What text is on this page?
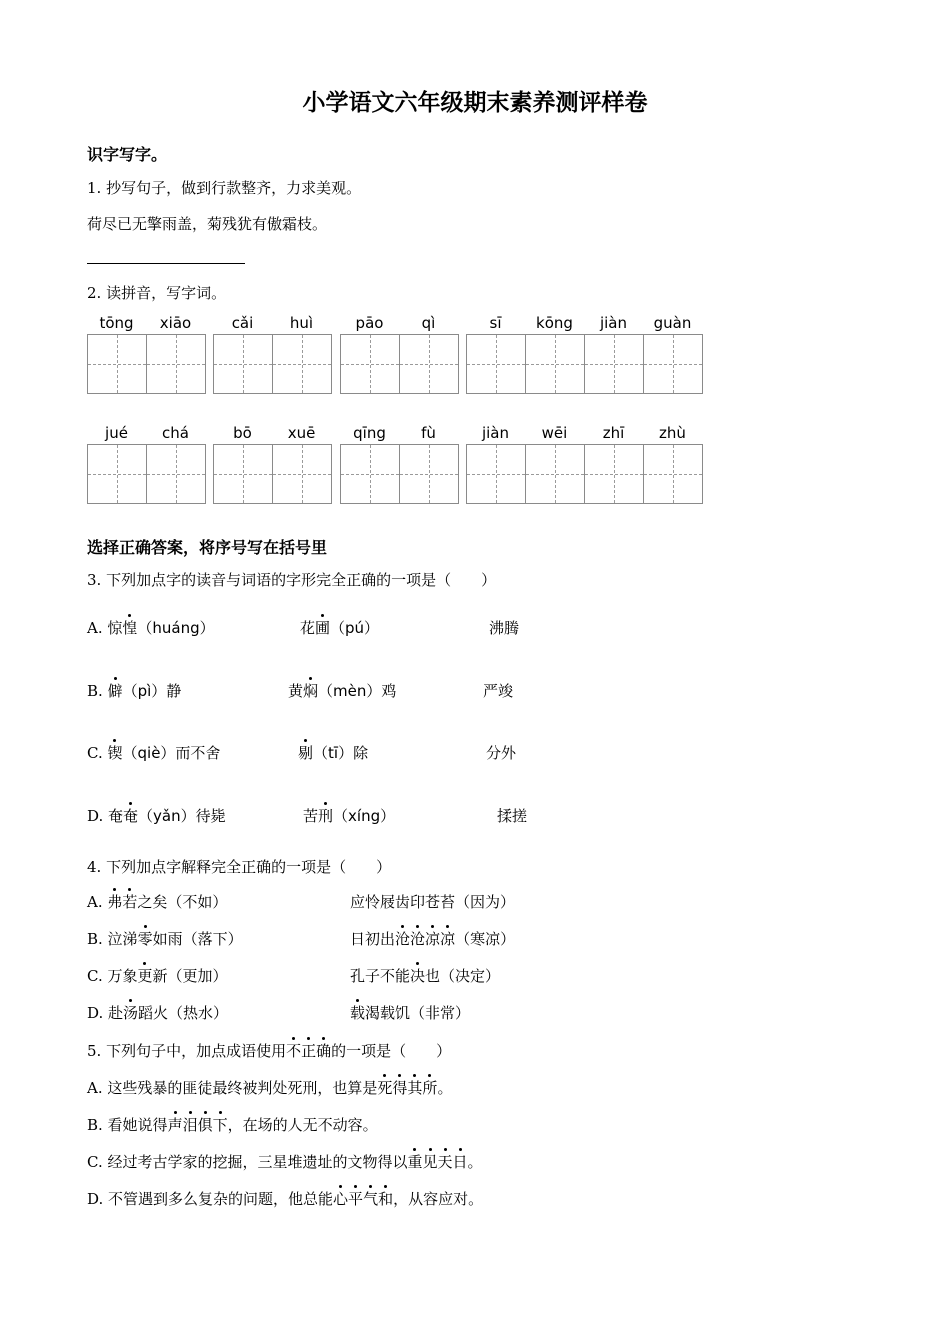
小学语文六年级期末素养测评样卷
识字写字。
1. 抄写句子，做到行款整齐，力求美观。
荷尽已无擎雨盖，菊残犹有傲霜枝。
2. 读拼音，写字词。
tōng	xiāo	cǎi	huì	pāo	qì	sī	kōng	jiàn	guàn
jué	chá	bō	xuē	qīng	fù	jiàn	wēi	zhī	zhù
选择正确答案，将序号写在括号里
3. 下列加点字的读音与词语的字形完全正确的一项是（　　）
A. 惊惶（huáng）	花圃（pú）	沸腾
B. 僻（pì）静	黄焖（mèn）鸡	严竣
C. 锲（qiè）而不舍	剔（tī）除	分外
D. 奄奄（yǎn）待毙	苦刑（xíng）	揉搓
4. 下列加点字解释完全正确的一项是（　　）
A. 弗若之矣（不如）	应怜屐齿印苍苔（因为）
B. 泣涕零如雨（落下）	日初出沧沧凉凉（寒凉）
C. 万象更新（更加）	孔子不能决也（决定）
D. 赴汤蹈火（热水）	载渴载饥（非常）
5. 下列句子中，加点成语使用不正确的一项是（　　）
A. 这些残暴的匪徒最终被判处死刑，也算是死得其所。
B. 看她说得声泪俱下，在场的人无不动容。
C. 经过考古学家的挖掘，三星堆遗址的文物得以重见天日。
D. 不管遇到多么复杂的问题，他总能心平气和，从容应对。
